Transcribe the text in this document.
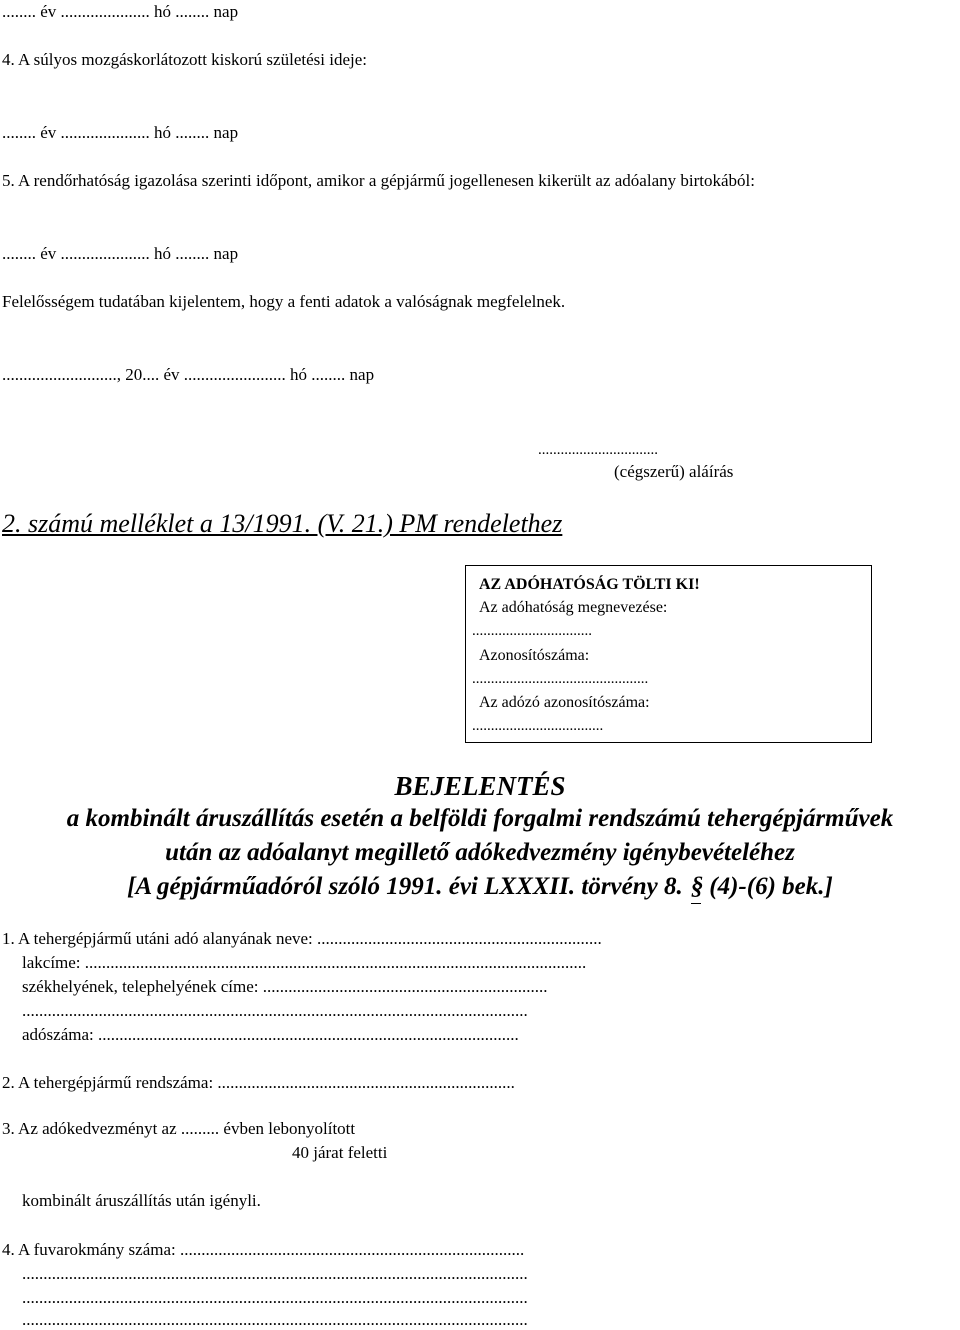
........ év ..................... hó ........ nap
4. A súlyos mozgáskorlátozott kiskorú születési ideje:
........ év ..................... hó ........ nap
5. A rendőrhatóság igazolása szerinti időpont, amikor a gépjármű jogellenesen kikerült az adóalany birtokából:
........ év ..................... hó ........ nap
Felelősségem tudatában kijelentem, hogy a fenti adatok a valóságnak megfelelnek.
..........................., 20.... év ........................ hó ........ nap
................................
(cégszerű) aláírás
2. számú melléklet a 13/1991. (V. 21.) PM rendelethez
AZ ADÓHATÓSÁG TÖLTI KI!
Az adóhatóság megnevezése:
................................
Azonosítószáma:
...............................................
Az adózó azonosítószáma:
...................................
BEJELENTÉS
a kombinált áruszállítás esetén a belföldi forgalmi rendszámú tehergépjárművek
után az adóalanyt megillető adókedvezmény igénybevételéhez
[A gépjárműadóról szóló 1991. évi LXXXII. törvény 8. § (4)-(6) bek.]
1. A tehergépjármű utáni adó alanyának neve: ...................................................................
lakcíme: ......................................................................................................................
székhelyének, telephelyének címe: ...................................................................
.......................................................................................................................
adószáma: ...................................................................................................
2. A tehergépjármű rendszáma: ......................................................................
3. Az adókedvezményt az ......... évben lebonyolított
40 járat feletti
kombinált áruszállítás után igényli.
4. A fuvarokmány száma: .................................................................................
.......................................................................................................................
.......................................................................................................................
.......................................................................................................................
